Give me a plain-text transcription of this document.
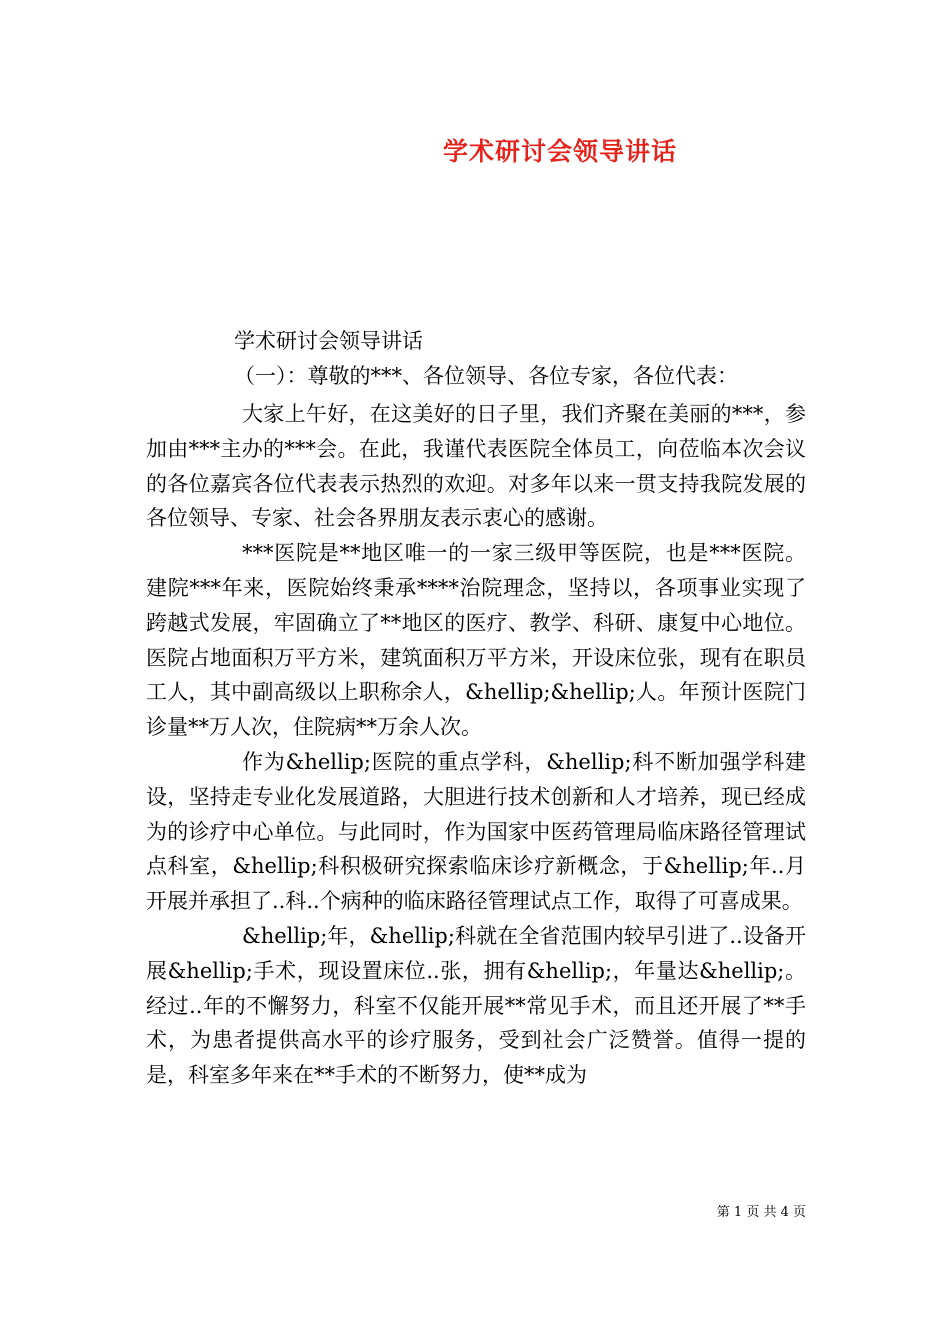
学术研讨会领导讲话
学术研讨会领导讲话
（一）：尊敬的***、各位领导、各位专家，各位代表：

大家上午好，在这美好的日子里，我们齐聚在美丽的***，参加由***主办的***会。在此，我谨代表医院全体员工，向莅临本次会议的各位嘉宾各位代表表示热烈的欢迎。对多年以来一贯支持我院发展的各位领导、专家、社会各界朋友表示衷心的感谢。

***医院是**地区唯一的一家三级甲等医院，也是***医院。建院***年来，医院始终秉承****治院理念，坚持以，各项事业实现了跨越式发展，牢固确立了**地区的医疗、教学、科研、康复中心地位。医院占地面积万平方米，建筑面积万平方米，开设床位张，现有在职员工人，其中副高级以上职称余人，&hellip;&hellip;人。年预计医院门诊量**万人次，住院病**万余人次。

作为&hellip;医院的重点学科，&hellip;科不断加强学科建设，坚持走专业化发展道路，大胆进行技术创新和人才培养，现已经成为的诊疗中心单位。与此同时，作为国家中医药管理局临床路径管理试点科室，&hellip;科积极研究探索临床诊疗新概念，于&hellip;年..月开展并承担了..科..个病种的临床路径管理试点工作，取得了可喜成果。

&hellip;年，&hellip;科就在全省范围内较早引进了..设备开展&hellip;手术，现设置床位..张，拥有&hellip;，年量达&hellip;。经过..年的不懈努力，科室不仅能开展**常见手术，而且还开展了**手术，为患者提供高水平的诊疗服务，受到社会广泛赞誉。值得一提的是，科室多年来在**手术的不断努力，使**成为

第 1 页 共 4 页
